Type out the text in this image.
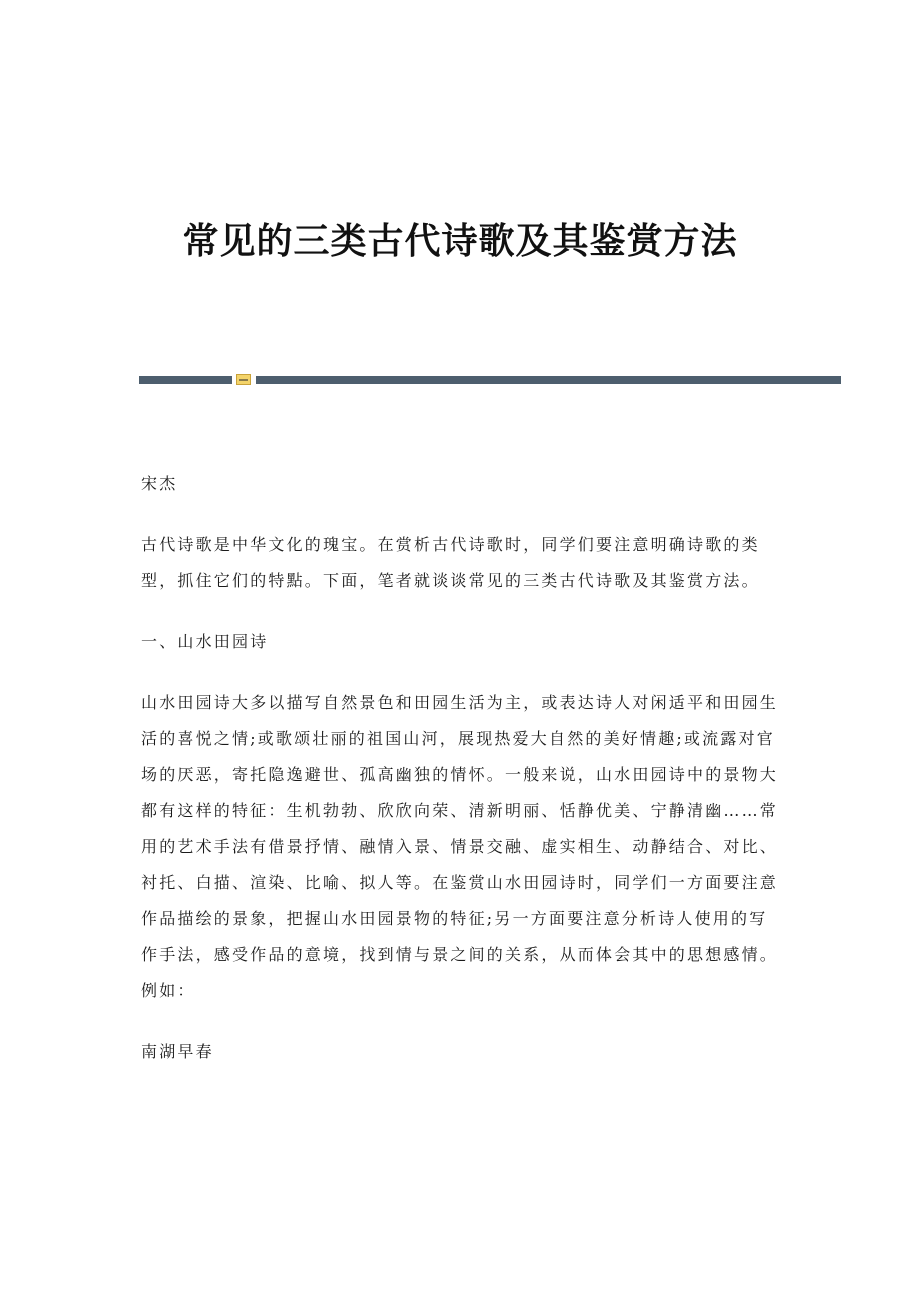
常见的三类古代诗歌及其鉴赏方法

宋杰

古代诗歌是中华文化的瑰宝。在赏析古代诗歌时，同学们要注意明确诗歌的类型，抓住它们的特點。下面，笔者就谈谈常见的三类古代诗歌及其鉴赏方法。

一、山水田园诗

山水田园诗大多以描写自然景色和田园生活为主，或表达诗人对闲适平和田园生活的喜悦之情;或歌颂壮丽的祖国山河，展现热爱大自然的美好情趣;或流露对官场的厌恶，寄托隐逸避世、孤高幽独的情怀。一般来说，山水田园诗中的景物大都有这样的特征：生机勃勃、欣欣向荣、清新明丽、恬静优美、宁静清幽……常用的艺术手法有借景抒情、融情入景、情景交融、虚实相生、动静结合、对比、衬托、白描、渲染、比喻、拟人等。在鉴赏山水田园诗时，同学们一方面要注意作品描绘的景象，把握山水田园景物的特征;另一方面要注意分析诗人使用的写作手法，感受作品的意境，找到情与景之间的关系，从而体会其中的思想感情。例如：

南湖早春
